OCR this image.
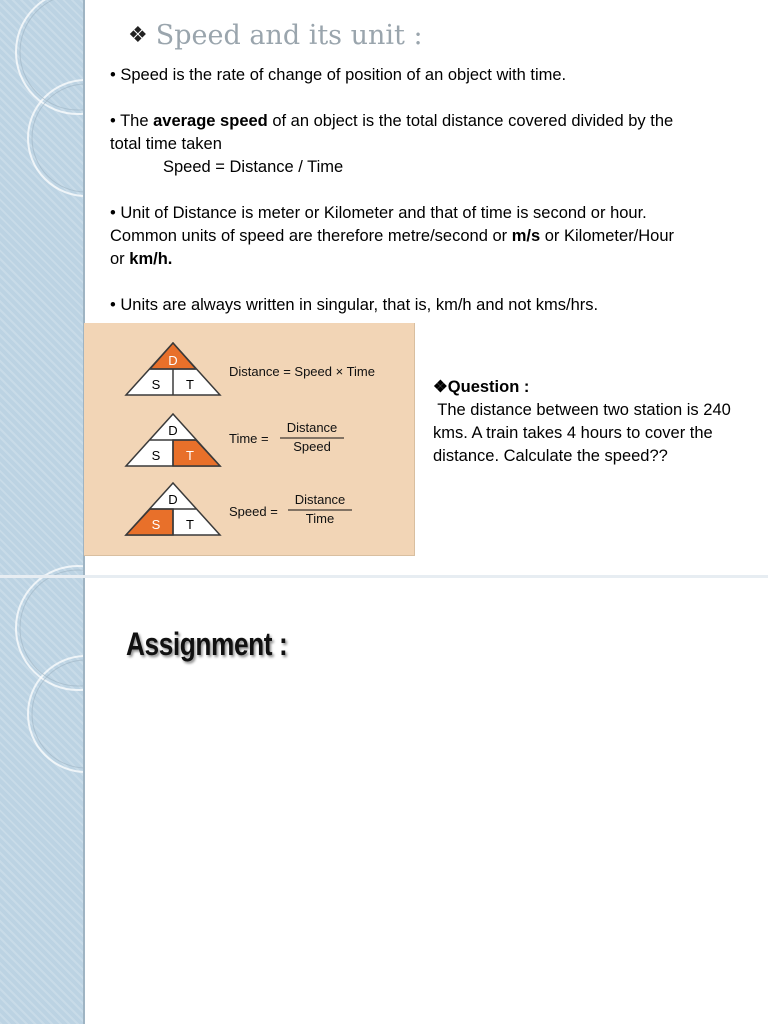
❖ Speed and its unit :

• Speed is the rate of change of position of an object with time.

• The average speed of an object is the total distance covered divided by the

total time taken

Speed = Distance / Time

• Unit of Distance is meter or Kilometer and that of time is second or hour.

Common units of speed are therefore metre/second or m/s or Kilometer/Hour

or km/h.

• Units are always written in singular, that is, km/h and not kms/hrs.

D
S T
Distance = Speed × Time
D
S T
Time =
Distance
Speed
D
S T
Speed =
Distance
Time
❖Question :
The distance between two station is 240
kms. A train takes 4 hours to cover the
distance. Calculate the speed??
Assignment :
